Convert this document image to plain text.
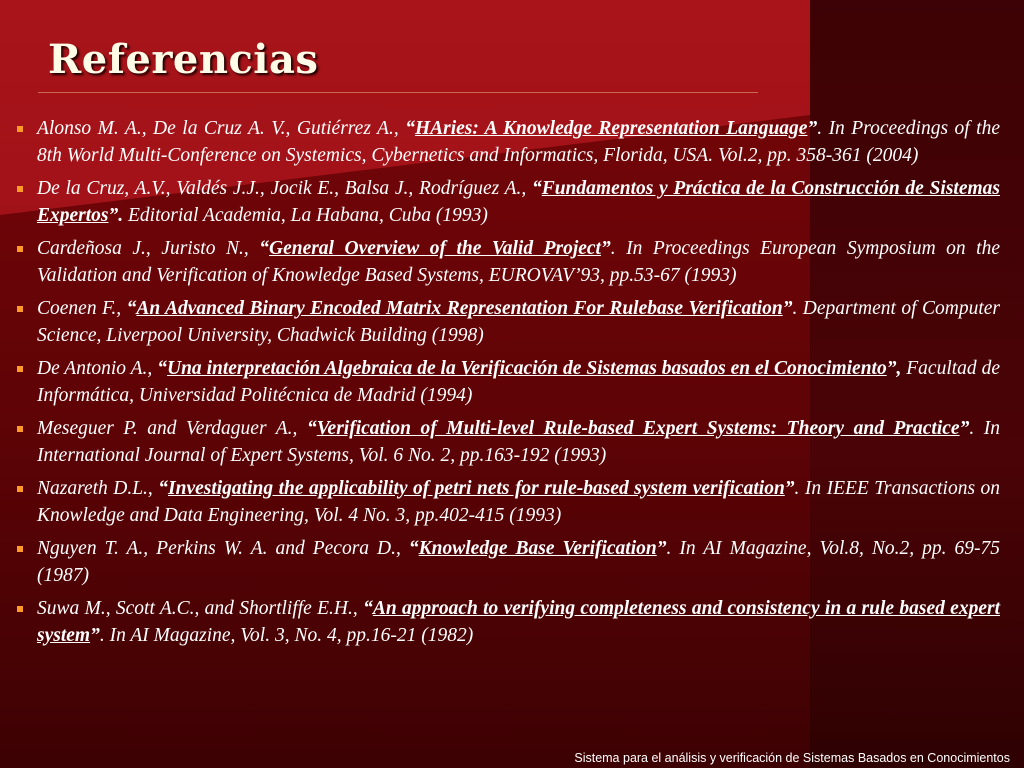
Referencias
Alonso M. A., De la Cruz A. V., Gutiérrez A., “HAries: A Knowledge Representation Language”. In Proceedings of the 8th World Multi-Conference on Systemics, Cybernetics and Informatics, Florida, USA. Vol.2, pp. 358-361 (2004)
De la Cruz, A.V., Valdés J.J., Jocik E., Balsa J., Rodríguez A., “Fundamentos y Práctica de la Construcción de Sistemas Expertos”. Editorial Academia, La Habana, Cuba (1993)
Cardeñosa J., Juristo N., “General Overview of the Valid Project”. In Proceedings European Symposium on the Validation and Verification of Knowledge Based Systems, EUROVAV’93, pp.53-67 (1993)
Coenen F., “An Advanced Binary Encoded Matrix Representation For Rulebase Verification”. Department of Computer Science, Liverpool University, Chadwick Building (1998)
De Antonio A., “Una interpretación Algebraica de la Verificación de Sistemas basados en el Conocimiento”, Facultad de Informática, Universidad Politécnica de Madrid (1994)
Meseguer P. and Verdaguer A., “Verification of Multi-level Rule-based Expert Systems: Theory and Practice”. In International Journal of Expert Systems, Vol. 6 No. 2, pp.163-192 (1993)
Nazareth D.L., “Investigating the applicability of petri nets for rule-based system verification”. In IEEE Transactions on Knowledge and Data Engineering, Vol. 4 No. 3, pp.402-415 (1993)
Nguyen T. A., Perkins W. A. and Pecora D., “Knowledge Base Verification”. In AI Magazine, Vol.8, No.2, pp. 69-75 (1987)
Suwa M., Scott A.C., and Shortliffe E.H., “An approach to verifying completeness and consistency in a rule based expert system”. In AI Magazine, Vol. 3, No. 4, pp.16-21 (1982)
Sistema para el análisis y verificación de Sistemas Basados en Conocimientos
